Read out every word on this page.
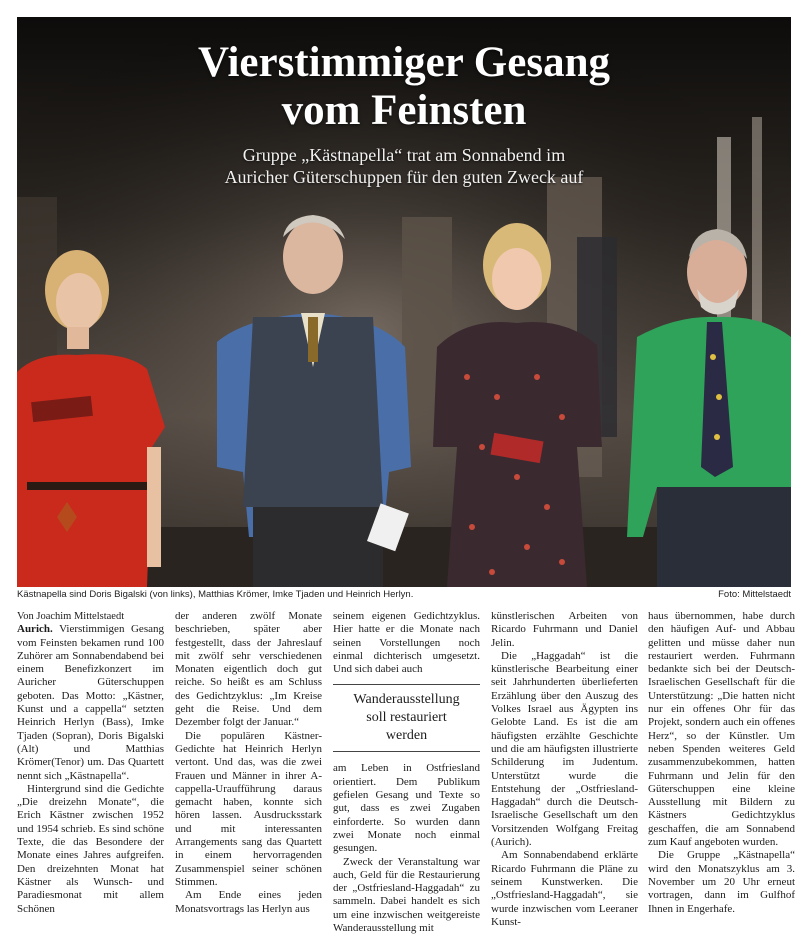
Vierstimmiger Gesang
vom Feinsten
Gruppe „Kästnapella“ trat am Sonnabend im
Auricher Güterschuppen für den guten Zweck auf
Kästnapella sind Doris Bigalski (von links), Matthias Krömer, Imke Tjaden und Heinrich Herlyn.	Foto: Mittelstaedt

Von Joachim Mittelstaedt

Aurich. Vierstimmigen Gesang vom Feinsten bekamen rund 100 Zuhörer am Sonnabendabend bei einem Benefizkonzert im Auricher Güterschuppen geboten. Das Motto: „Kästner, Kunst und a cappella“ setzten Heinrich Herlyn (Bass), Imke Tjaden (Sopran), Doris Bigalski (Alt) und Matthias Krömer(Tenor) um. Das Quartett nennt sich „Kästnapella“.

Hintergrund sind die Gedichte „Die dreizehn Monate“, die Erich Kästner zwischen 1952 und 1954 schrieb. Es sind schöne Texte, die das Besondere der Monate eines Jahres aufgreifen. Den dreizehnten Monat hat Kästner als Wunsch- und Paradiesmonat mit allem Schönen

der anderen zwölf Monate beschrieben, später aber festgestellt, dass der Jahreslauf mit zwölf sehr verschiedenen Monaten eigentlich doch gut reiche. So heißt es am Schluss des Gedichtzyklus: „Im Kreise geht die Reise. Und dem Dezember folgt der Januar.“

Die populären Kästner-Gedichte hat Heinrich Herlyn vertont. Und das, was die zwei Frauen und Männer in ihrer A-cappella-Uraufführung daraus gemacht haben, konnte sich hören lassen. Ausdrucksstark und mit interessanten Arrangements sang das Quartett in einem hervorragenden Zusammenspiel seiner schönen Stimmen.

Am Ende eines jeden Monatsvortrags las Herlyn aus

seinem eigenen Gedichtzyklus. Hier hatte er die Monate nach seinen Vorstellungen noch einmal dichterisch umgesetzt. Und sich dabei auch

Wanderausstellung
soll restauriert
werden

am Leben in Ostfriesland orientiert. Dem Publikum gefielen Gesang und Texte so gut, dass es zwei Zugaben einforderte. So wurden dann zwei Monate noch einmal gesungen.

Zweck der Veranstaltung war auch, Geld für die Restaurierung der „Ostfriesland-Haggadah“ zu sammeln. Dabei handelt es sich um eine inzwischen weitgereiste Wanderausstellung mit

künstlerischen Arbeiten von Ricardo Fuhrmann und Daniel Jelin.

Die „Haggadah“ ist die künstlerische Bearbeitung einer seit Jahrhunderten überlieferten Erzählung über den Auszug des Volkes Israel aus Ägypten ins Gelobte Land. Es ist die am häufigsten erzählte Geschichte und die am häufigsten illustrierte Schilderung im Judentum. Unterstützt wurde die Entstehung der „Ostfriesland-Haggadah“ durch die Deutsch-Israelische Gesellschaft um den Vorsitzenden Wolfgang Freitag (Aurich).

Am Sonnabendabend erklärte Ricardo Fuhrmann die Pläne zu seinem Kunstwerken. Die „Ostfriesland-Haggadah“, sie wurde inzwischen vom Leeraner Kunst-

haus übernommen, habe durch den häufigen Auf- und Abbau gelitten und müsse daher nun restauriert werden. Fuhrmann bedankte sich bei der Deutsch-Israelischen Gesellschaft für die Unterstützung: „Die hatten nicht nur ein offenes Ohr für das Projekt, sondern auch ein offenes Herz“, so der Künstler. Um neben Spenden weiteres Geld zusammenzubekommen, hatten Fuhrmann und Jelin für den Güterschuppen eine kleine Ausstellung mit Bildern zu Kästners Gedichtzyklus geschaffen, die am Sonnabend zum Kauf angeboten wurden.

Die Gruppe „Kästnapella“ wird den Monatszyklus am 3. November um 20 Uhr erneut vortragen, dann im Gulfhof Ihnen in Engerhafe.
